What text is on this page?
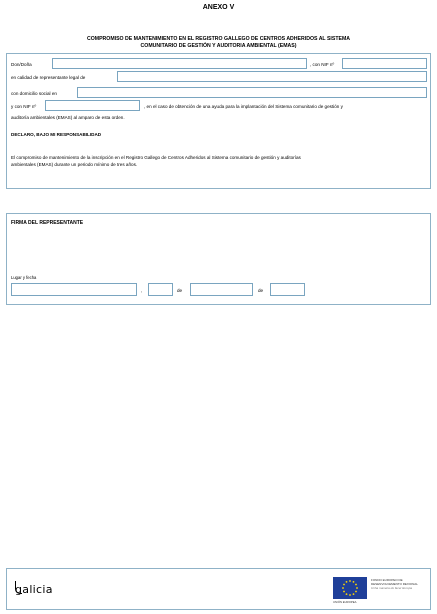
ANEXO V
COMPROMISO DE MANTENIMIENTO EN EL REGISTRO GALLEGO DE CENTROS ADHERIDOS AL SISTEMA
COMUNITARIO DE GESTIÓN Y AUDITORIA AMBIENTAL (EMAS)
Don/Doña	, con NIF nº
en calidad de representante legal de
con domicilio social en
y con NIF nº	, en el caso de obtención de una ayuda para la implantación del Sistema comunitario de gestión y
auditoría ambientales (EMAS) al amparo de esta orden.
DECLARO, BAJO MI RESPONSABILIDAD
El compromiso de mantenimiento de la inscripción en el Registro Gallego de Centros Adheridos al Sistema comunitario de gestión y auditorías
ambientales (EMAS) durante un periodo mínimo de tres años.
FIRMA DEL REPRESENTANTE
Lugar y fecha
,	de	de
galicia
UNIÓN EUROPEA
FONDO EUROPEO DE
DESENVOLVEMENTO REXIONAL
Unha maneira de facer Europa
